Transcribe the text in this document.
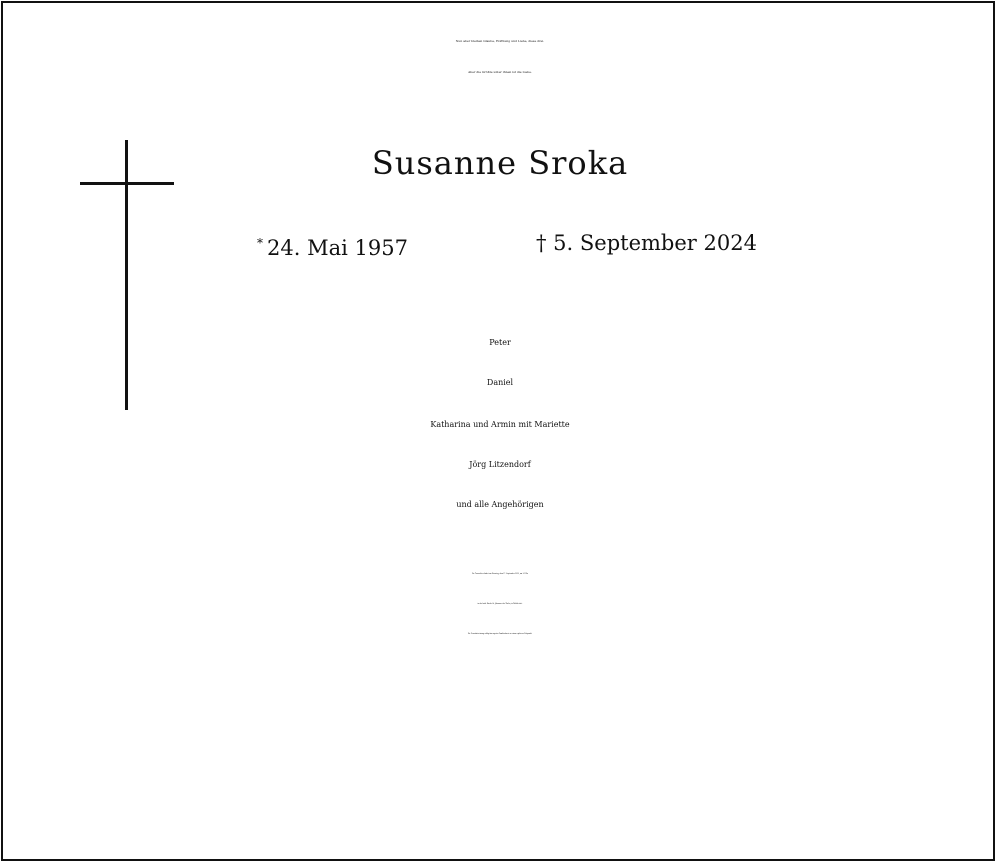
Nun aber bleiben Glaube, Hoffnung und Liebe, diese drei.
Aber die Größte unter ihnen ist die Liebe.
Susanne Sroka
* 24. Mai 1957	† 5. September 2024
Peter
Daniel
Katharina und Armin mit Mariette
Jörg Litzendorf
und alle Angehörigen
Die Trauerfeier findet am Dienstag, dem 17. September 2024, um 14 Uhr
in der kath. Kirche St. Johannes der Täufer, in Walluf statt.
Die Urnenbeisetzung erfolgt im engsten Familienkreis zu einem späteren Zeitpunkt.
